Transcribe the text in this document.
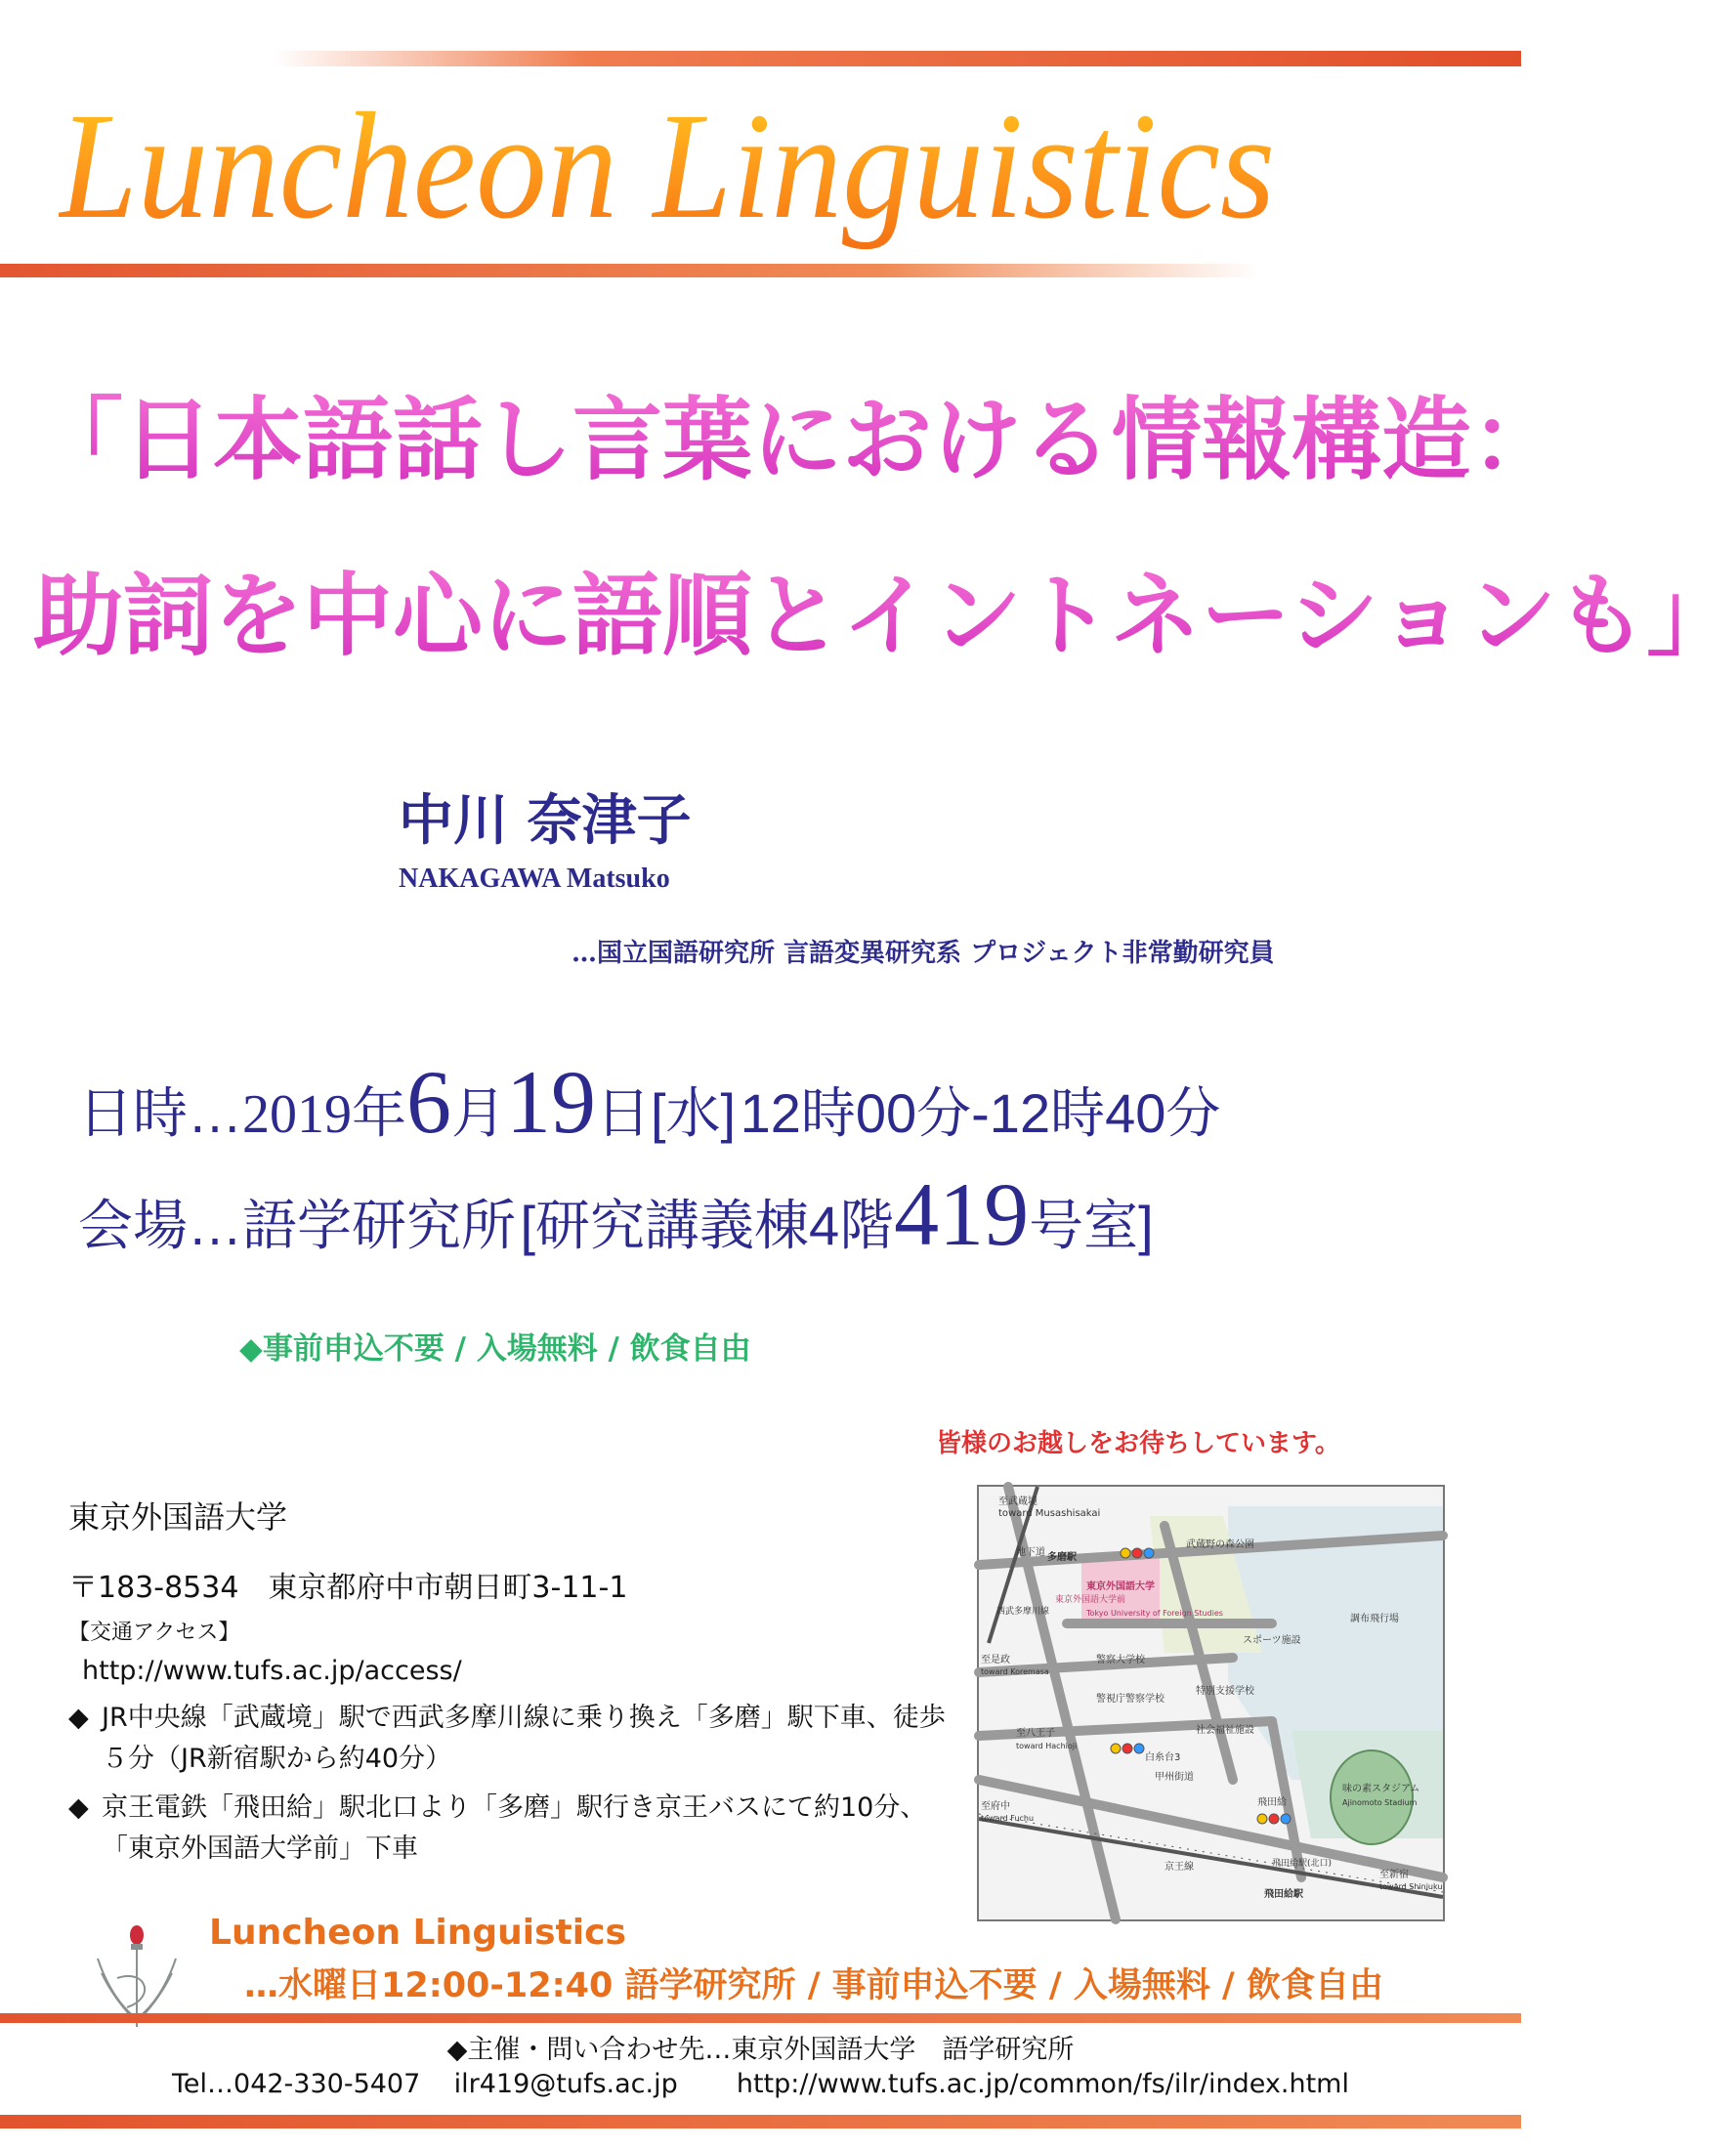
Luncheon Linguistics
「日本語話し言葉における情報構造：
助詞を中心に語順とイントネーションも」
中川 奈津子
NAKAGAWA Matsuko
…国立国語研究所 言語変異研究系 プロジェクト非常勤研究員
日時…2019年6月19日[水] 12時00分-12時40分
会場…語学研究所 [研究講義棟4階419号室]
◆事前申込不要 / 入場無料 / 飲食自由
皆様のお越しをお待ちしています。
東京外国語大学
〒183-8534　東京都府中市朝日町3-11-1
【交通アクセス】
http://www.tufs.ac.jp/access/
◆ JR中央線「武蔵境」駅で西武多摩川線に乗り換え「多磨」駅下車、徒歩５分（JR新宿駅から約40分）
◆ 京王電鉄「飛田給」駅北口より「多磨」駅行き京王バスにて約10分、「東京外国語大学前」下車
至武蔵境
toward Musashisakai
地下道
武蔵野の森公園
東京外国語大学
Tokyo University of Foreign Studies
東京外国語大学前
スポーツ施設
調布飛行場
至是政
toward Koremasa
警察大学校
警視庁警察学校
特別支援学校
社会福祉施設
至八王子
toward Hachioji
白糸台3
甲州街道
至府中
toward Fuchu
飛田給
味の素スタジアム
Ajinomoto Stadium
京王線	飛田給駅(北口)
至新宿
toward Shinjuku
飛田給駅
多磨駅
西武多摩川線
Luncheon Linguistics
…水曜日12:00-12:40 語学研究所 / 事前申込不要 / 入場無料 / 飲食自由
◆主催・問い合わせ先…東京外国語大学　語学研究所
Tel…042-330-5407 ilr419@tufs.ac.jp http://www.tufs.ac.jp/common/fs/ilr/index.html
